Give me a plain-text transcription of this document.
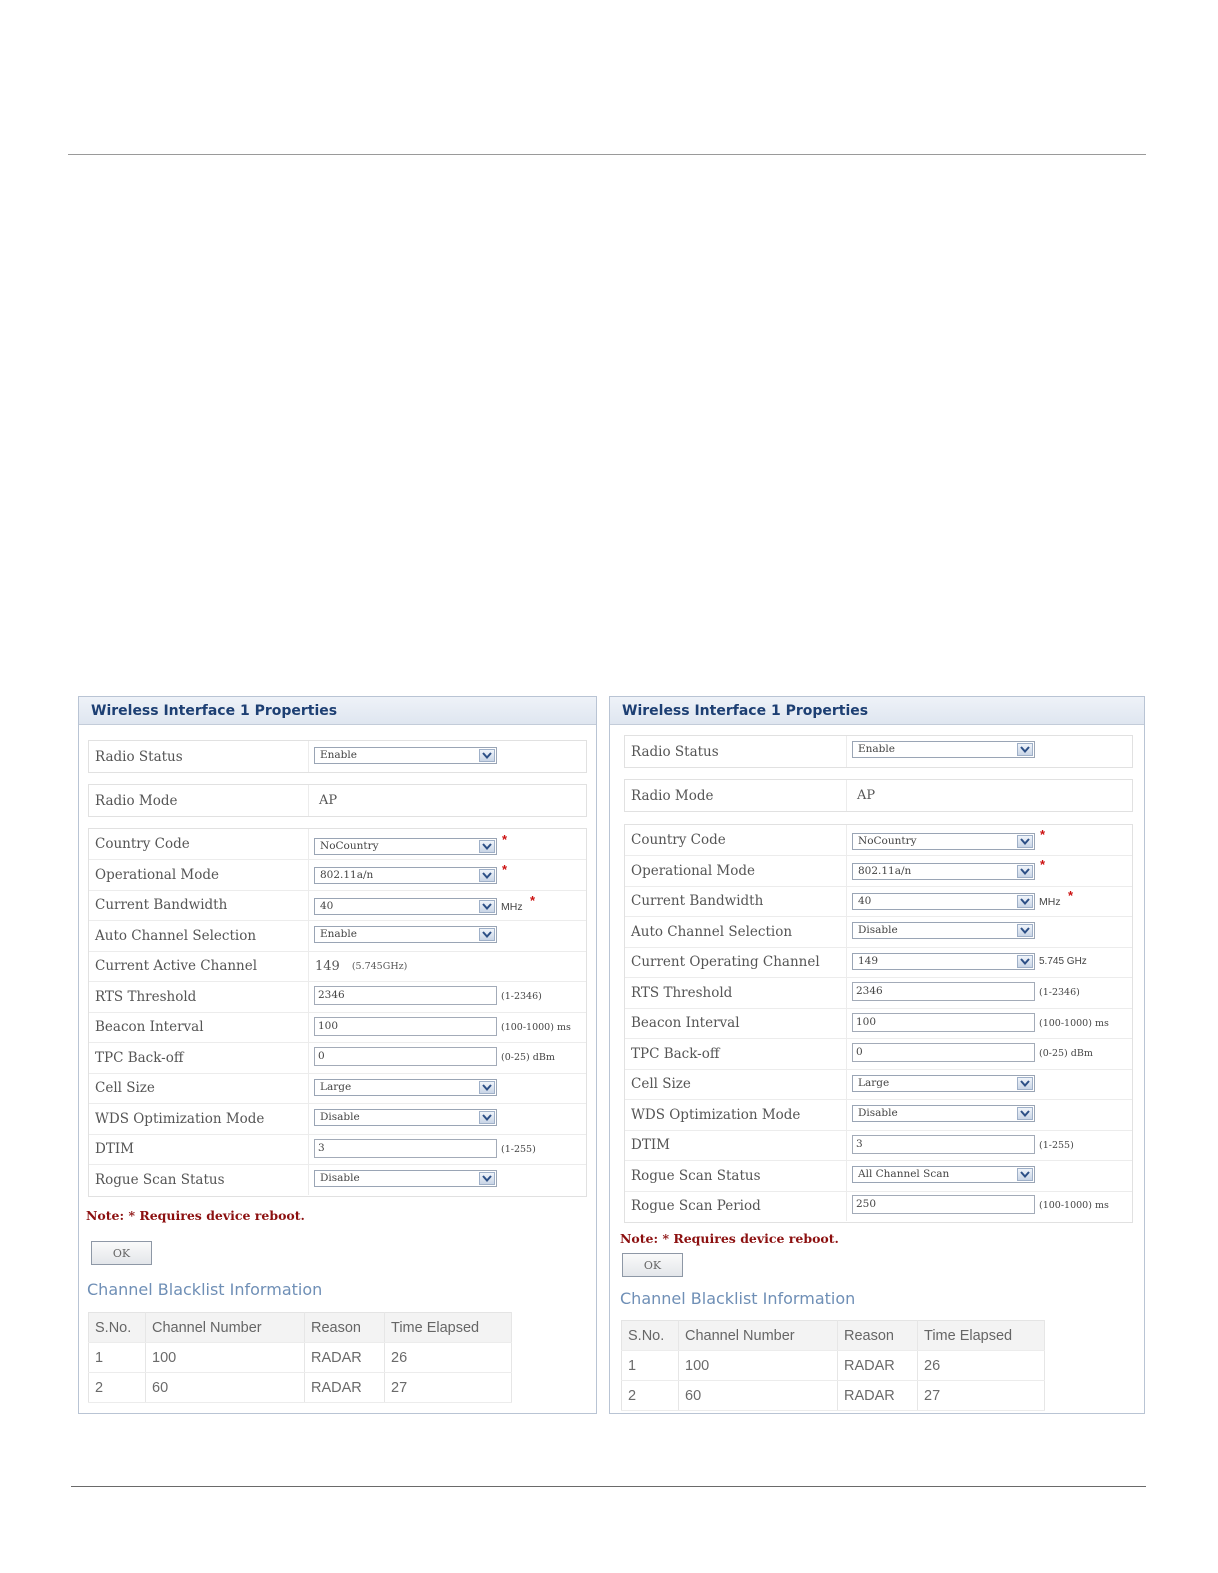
Wireless Interface 1 Properties
Radio Status	Enable
Radio Mode	AP
Country Code	NoCountry	*
Operational Mode	802.11a/n	*
Current Bandwidth	40	MHz *
Auto Channel Selection	Enable
Current Active Channel	149 (5.745GHz)
RTS Threshold	2346	(1-2346)
Beacon Interval	100	(100-1000) ms
TPC Back-off	0	(0-25) dBm
Cell Size	Large
WDS Optimization Mode	Disable
DTIM	3	(1-255)
Rogue Scan Status	Disable
Note: * Requires device reboot.
OK
Channel Blacklist Information
S.No.	Channel Number	Reason	Time Elapsed
1	100	RADAR	26
2	60	RADAR	27
Wireless Interface 1 Properties
Radio Status	Enable
Radio Mode	AP
Country Code	NoCountry	*
Operational Mode	802.11a/n	*
Current Bandwidth	40	MHz *
Auto Channel Selection	Disable
Current Operating Channel	149	5.745 GHz
RTS Threshold	2346	(1-2346)
Beacon Interval	100	(100-1000) ms
TPC Back-off	0	(0-25) dBm
Cell Size	Large
WDS Optimization Mode	Disable
DTIM	3	(1-255)
Rogue Scan Status	All Channel Scan
Rogue Scan Period	250	(100-1000) ms
Note: * Requires device reboot.
OK
Channel Blacklist Information
S.No.	Channel Number	Reason	Time Elapsed
1	100	RADAR	26
2	60	RADAR	27
